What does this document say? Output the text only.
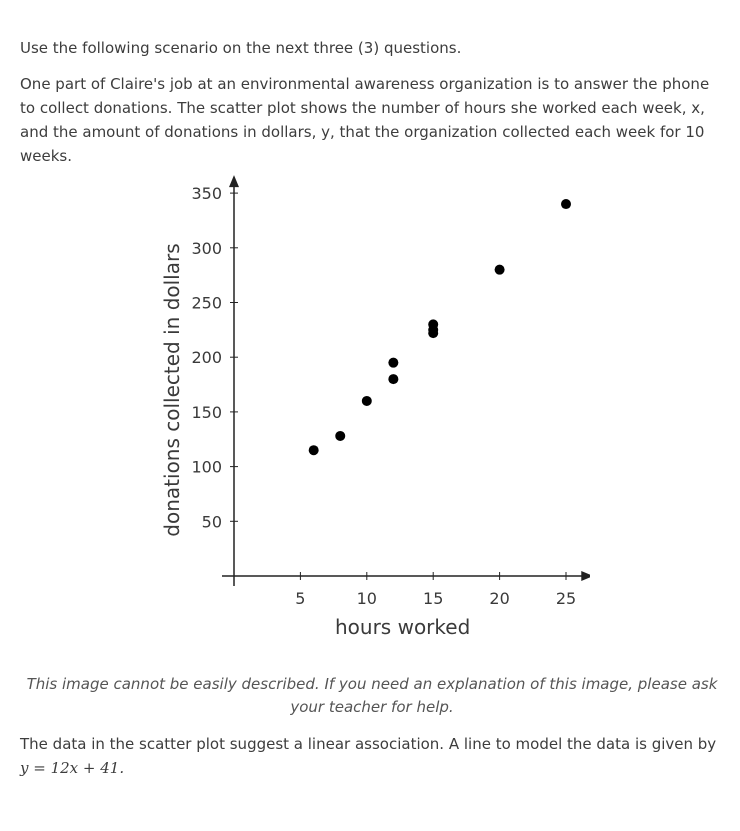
Use the following scenario on the next three (3) questions.

One part of Claire's job at an environmental awareness organization is to answer the phone to collect donations. The scatter plot shows the number of hours she worked each week, x, and the amount of donations in dollars, y, that the organization collected each week for 10 weeks.

5	10	15	20	25
50
100
150
200
250
300
350
hours worked
donations collected in dollars
This image cannot be easily described. If you need an explanation of this image, please ask your teacher for help.

The data in the scatter plot suggest a linear association. A line to model the data is given by
y = 12x + 41.
